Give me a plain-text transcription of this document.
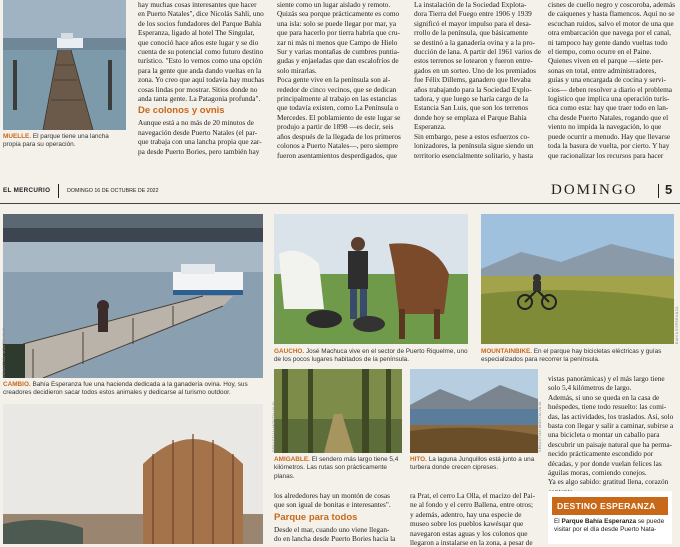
MUELLE. El parque tiene una lancha propia para su operación.
hay muchas cosas interesantes que hacer
en Puerto Natales", dice Nicolás Sahli, uno
de los socios fundadores del Parque Bahía
Esperanza, ligado al hotel The Singular,
que conoció hace años este lugar y se dio
cuenta de su potencial como futuro destino
turístico. "Esto lo vemos como una opción
para la gente que anda dando vueltas en la
zona. Yo creo que aquí todavía hay muchas
cosas lindas por mostrar. Sitios donde no
anda tanta gente. La Patagonia profunda".
De colonos y ovnis
Aunque está a no más de 20 minutos de
navegación desde Puerto Natales (el par-
que trabaja con una lancha propia que zar-
pa desde Puerto Bories, pero también hay
siente como un lugar aislado y remoto.
Quizás sea porque prácticamente es como
una isla: solo se puede llegar por mar, ya
que para hacerlo por tierra habría que cru-
zar ni más ni menos que Campo de Hielo
Sur y varias montañas de cumbres puntia-
gudas y enjaeladas que dan escalofríos de
solo mirarlas.
Poca gente vive en la península son al-
rededor de cinco vecinos, que se dedican
principalmente al trabajo en las estancias
que todavía existen, como La Península o
Mercedes. El poblamiento de este lugar se
produjo a partir de 1898 —es decir, seis
años después de la llegada de los primeros
colonos a Puerto Natales—, pero siempre
fueron asentamientos desperdigados, que
La instalación de la Sociedad Explota-
dora Tierra del Fuego entre 1906 y 1939
significó el mayor impulso para el desa-
rrollo de la península, que básicamente
se destinó a la ganadería ovina y a la pro-
ducción de lana. A partir del 1961 varios de
estos terrenos se lotearon y fueron entre-
gados en un sorteo. Uno de los premiados
fue Félix Dillems, ganadero que llevaba
años trabajando para la Sociedad Explo-
tadora, y que luego se haría cargo de la
Estancia San Luis, que son los terrenos
donde hoy se emplaza el Parque Bahía
Esperanza.
Sin embargo, pese a estos esfuerzos co-
lonizadores, la península sigue siendo un
territorio esencialmente solitario, y hasta
cisnes de cuello negro y coscoroba, además
de caiquenes y hasta flamencos. Aquí no se
escuchan ruidos, salvo el motor de una que
otra embarcación que navega por el canal,
ni tampoco hay gente dando vueltas todo
el tiempo, como ocurre en el Paine.
Quienes viven en el parque —siete per-
sonas en total, entre administradores,
guías y una encargada de cocina y servi-
cios— deben resolver a diario el problema
logístico que implica una operación turís-
tica como esta: hay que traer todo en lan-
cha desde Puerto Natales, rogando que el
viento no impida la navegación, lo que
puede ocurrir a menudo. Hay que llevarse
toda la basura de vuelta, por cierto. Y hay
que racionalizar los recursos para hacer
EL MERCURIO	DOMINGO 16 DE OCTUBRE DE 2022	DOMINGO 5
CAMBIO. Bahía Esperanza fue una hacienda dedicada a la ganadería ovina. Hoy, sus creadores decidieron sacar todos estos animales y dedicarse al turismo outdoor.
GAUCHO. José Machuca vive en el sector de Puerto Riquelme, uno de los pocos lugares habitados de la península.
MOUNTAINBIKE. En el parque hay bicicletas eléctricas y guías especializados para recorrer la península.
AMIGABLE. El sendero más largo tiene 5,4 kilómetros. Las rutas son prácticamente planas.
HITO. La laguna Junquillos está junto a una turbera donde crecen cipreses.
los alrededores hay un montón de cosas
que son igual de bonitas e interesantes".
Parque para todos
Desde el mar, cuando uno viene llegan-
do en lancha desde Puerto Bories hacia la
ra Prat, el cerro La Olla, el macizo del Pai-
ne al fondo y el cerro Ballena, entre otros;
y además, adentro, hay una especie de
museo sobre los pueblos kawésqar que
navegaron estas aguas y los colonos que
llegaron a instalarse en la zona, a pesar de
vistas panorámicas) y el más largo tiene
solo 5,4 kilómetros de largo.
Además, si uno se queda en la casa de
huéspedes, tiene todo resuelto: las comi-
das, las actividades, los traslados. Así, solo
basta con llegar y salir a caminar, subirse a
una bicicleta o montar un caballo para
descubrir un paisaje natural que ha perma-
necido prácticamente escondido por
décadas, y por donde vuelan felices las
águilas moras, comiendo conejos.
Ya es algo sabido: gratitud llena, corazón
DESTINO ESPERANZA
El Parque Bahía Esperanza se puede visitar por el día desde Puerto Nata-
SEBASTIÁN MONTALVA M.
SEBASTIÁN MONTALVA M.	BAHÍA ESPERANZA
SEBASTIÁN MONTALVA M.	SEBASTIÁN MONTALVA M.
